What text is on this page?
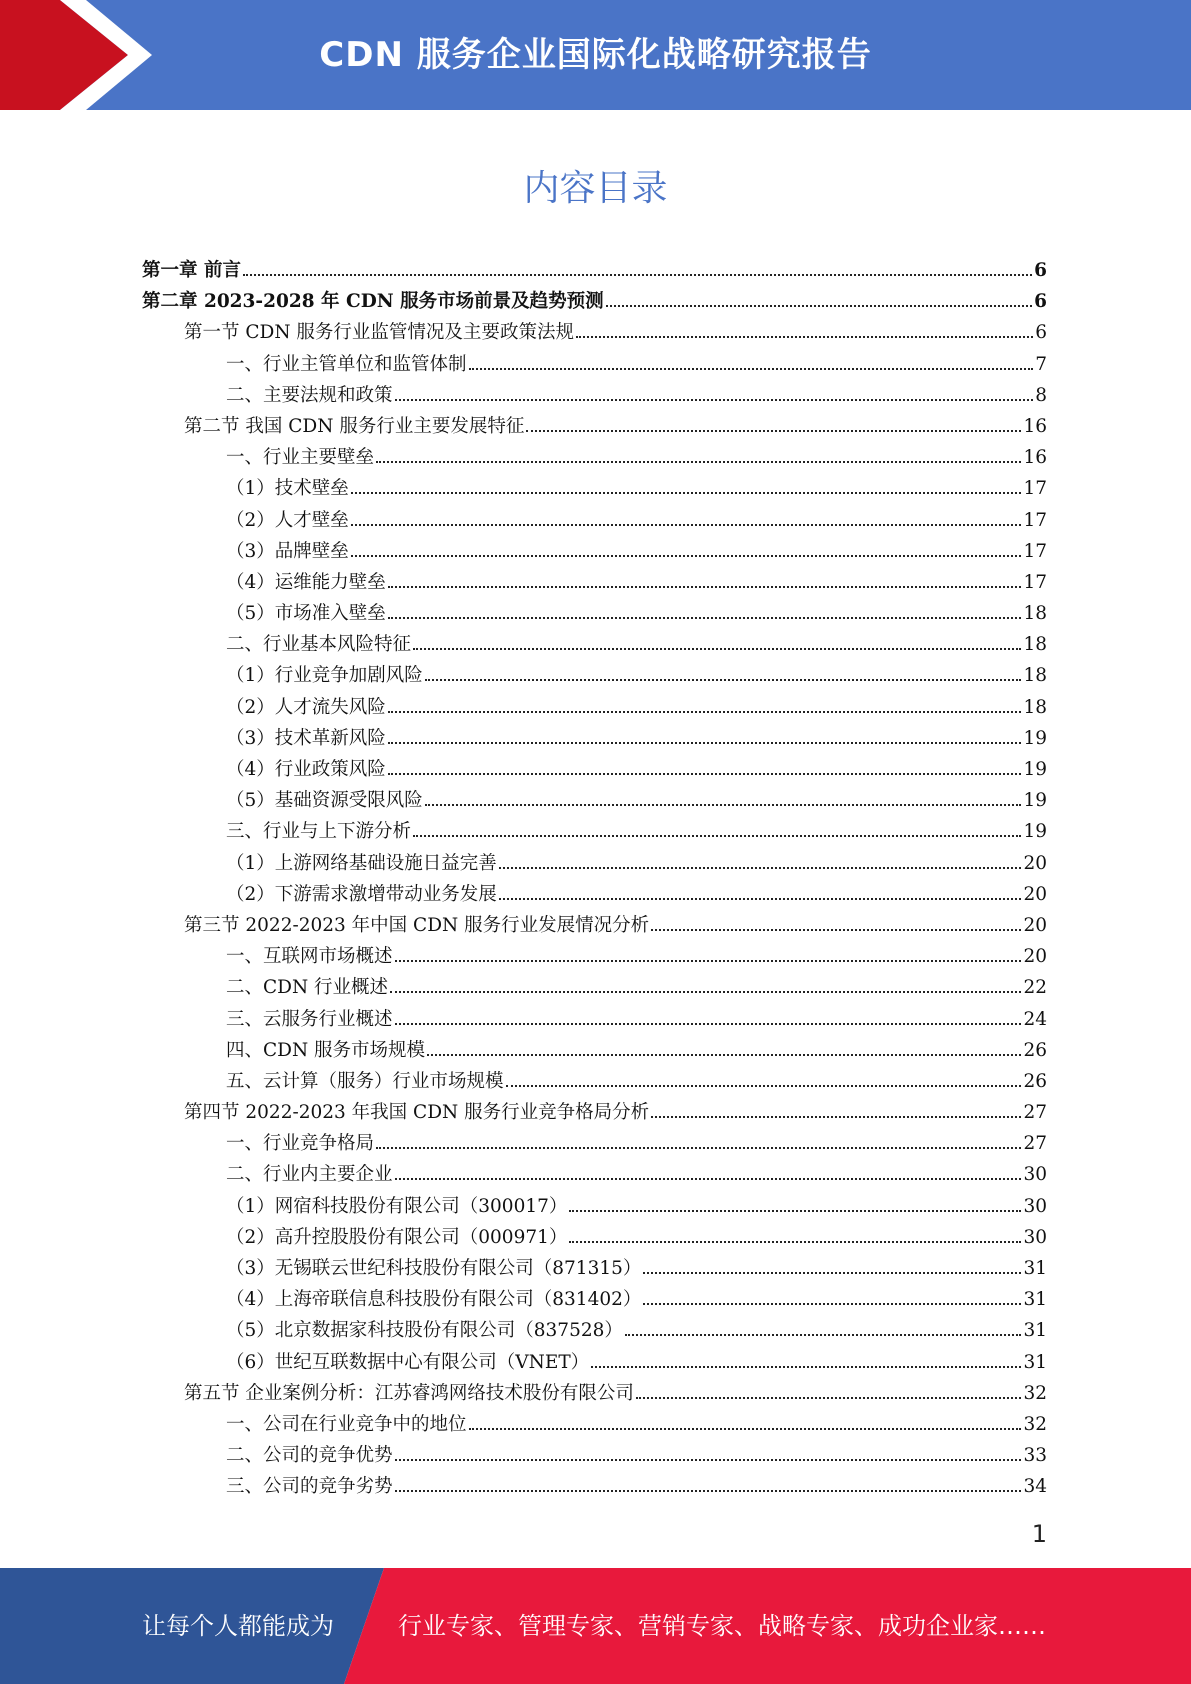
CDN 服务企业国际化战略研究报告
内容目录
第一章 前言	6
第二章 2023-2028 年 CDN 服务市场前景及趋势预测	6
第一节 CDN 服务行业监管情况及主要政策法规	6
一、行业主管单位和监管体制	7
二、主要法规和政策	8
第二节 我国 CDN 服务行业主要发展特征	16
一、行业主要壁垒	16
（1）技术壁垒	17
（2）人才壁垒	17
（3）品牌壁垒	17
（4）运维能力壁垒	17
（5）市场准入壁垒	18
二、行业基本风险特征	18
（1）行业竞争加剧风险	18
（2）人才流失风险	18
（3）技术革新风险	19
（4）行业政策风险	19
（5）基础资源受限风险	19
三、行业与上下游分析	19
（1）上游网络基础设施日益完善	20
（2）下游需求激增带动业务发展	20
第三节 2022-2023 年中国 CDN 服务行业发展情况分析	20
一、互联网市场概述	20
二、CDN 行业概述	22
三、云服务行业概述	24
四、CDN 服务市场规模	26
五、云计算（服务）行业市场规模	26
第四节 2022-2023 年我国 CDN 服务行业竞争格局分析	27
一、行业竞争格局	27
二、行业内主要企业	30
（1）网宿科技股份有限公司（300017）	30
（2）高升控股股份有限公司（000971）	30
（3）无锡联云世纪科技股份有限公司（871315）	31
（4）上海帝联信息科技股份有限公司（831402）	31
（5）北京数据家科技股份有限公司（837528）	31
（6）世纪互联数据中心有限公司（VNET）	31
第五节 企业案例分析：江苏睿鸿网络技术股份有限公司	32
一、公司在行业竞争中的地位	32
二、公司的竞争优势	33
三、公司的竞争劣势	34
1
让每个人都能成为	行业专家、管理专家、营销专家、战略专家、成功企业家……
